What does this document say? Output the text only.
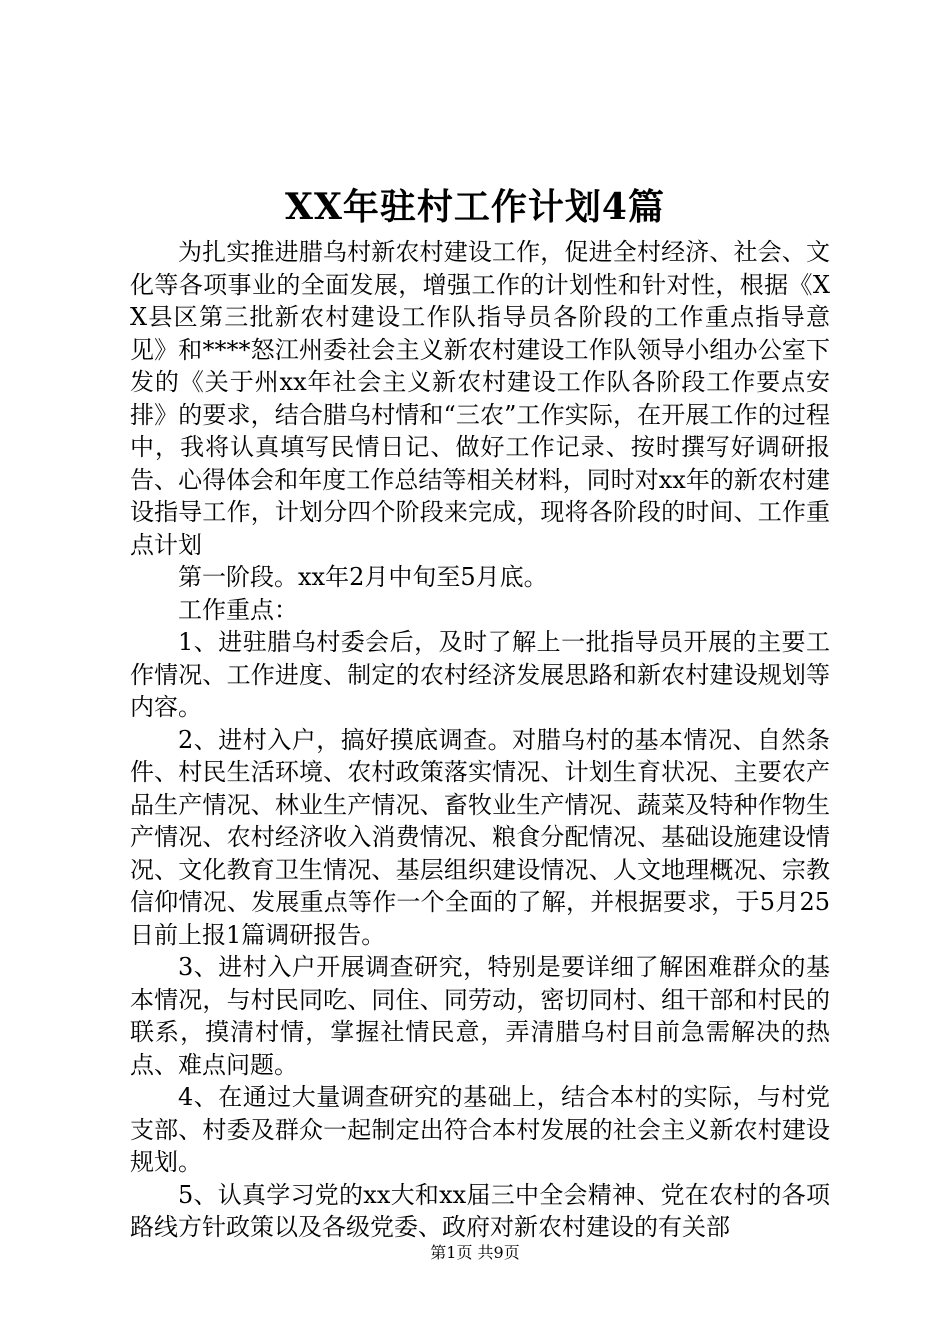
XX年驻村工作计划4篇

为扎实推进腊乌村新农村建设工作，促进全村经济、社会、文化等各项事业的全面发展，增强工作的计划性和针对性，根据《XX县区第三批新农村建设工作队指导员各阶段的工作重点指导意见》和****怒江州委社会主义新农村建设工作队领导小组办公室下发的《关于州xx年社会主义新农村建设工作队各阶段工作要点安排》的要求，结合腊乌村情和“三农”工作实际，在开展工作的过程中，我将认真填写民情日记、做好工作记录、按时撰写好调研报告、心得体会和年度工作总结等相关材料，同时对xx年的新农村建设指导工作，计划分四个阶段来完成，现将各阶段的时间、工作重点计划

第一阶段。xx年2月中旬至5月底。

工作重点：

1、进驻腊乌村委会后，及时了解上一批指导员开展的主要工作情况、工作进度、制定的农村经济发展思路和新农村建设规划等内容。

2、进村入户，搞好摸底调查。对腊乌村的基本情况、自然条件、村民生活环境、农村政策落实情况、计划生育状况、主要农产品生产情况、林业生产情况、畜牧业生产情况、蔬菜及特种作物生产情况、农村经济收入消费情况、粮食分配情况、基础设施建设情况、文化教育卫生情况、基层组织建设情况、人文地理概况、宗教信仰情况、发展重点等作一个全面的了解，并根据要求，于5月25日前上报1篇调研报告。

3、进村入户开展调查研究，特别是要详细了解困难群众的基本情况，与村民同吃、同住、同劳动，密切同村、组干部和村民的联系，摸清村情，掌握社情民意，弄清腊乌村目前急需解决的热点、难点问题。

4、在通过大量调查研究的基础上，结合本村的实际，与村党支部、村委及群众一起制定出符合本村发展的社会主义新农村建设规划。

5、认真学习党的xx大和xx届三中全会精神、党在农村的各项路线方针政策以及各级党委、政府对新农村建设的有关部

第1页 共9页
